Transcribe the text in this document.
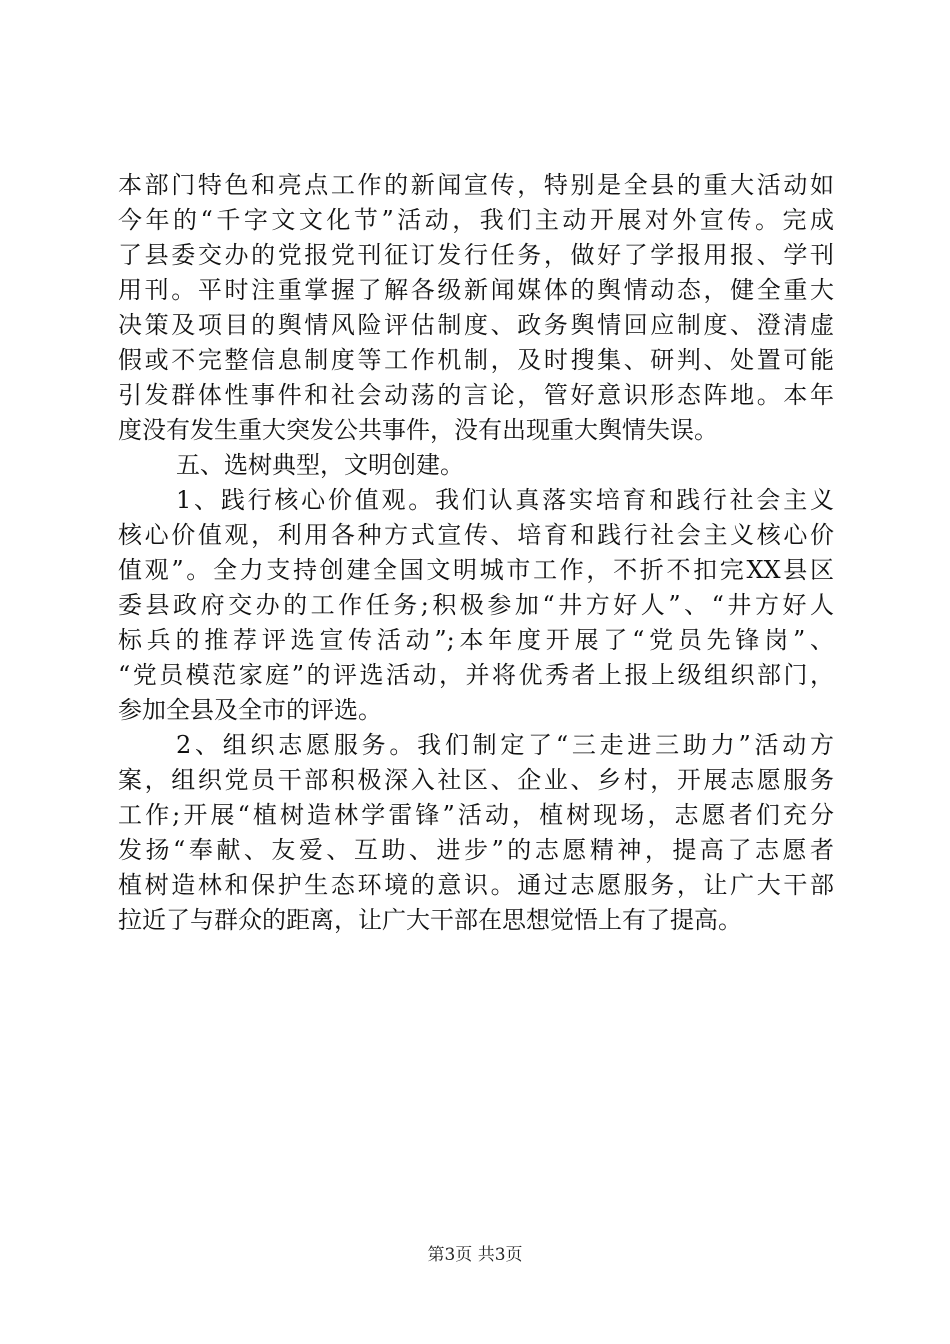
本部门特色和亮点工作的新闻宣传，特别是全县的重大活动如
今年的“千字文文化节”活动，我们主动开展对外宣传。完成
了县委交办的党报党刊征订发行任务，做好了学报用报、学刊
用刊。平时注重掌握了解各级新闻媒体的舆情动态，健全重大
决策及项目的舆情风险评估制度、政务舆情回应制度、澄清虚
假或不完整信息制度等工作机制，及时搜集、研判、处置可能
引发群体性事件和社会动荡的言论，管好意识形态阵地。本年
度没有发生重大突发公共事件，没有出现重大舆情失误。
五、选树典型，文明创建。
1、践行核心价值观。我们认真落实培育和践行社会主义
核心价值观，利用各种方式宣传、培育和践行社会主义核心价
值观”。全力支持创建全国文明城市工作，不折不扣完XX县区
委县政府交办的工作任务;积极参加“井方好人”、“井方好人
标兵的推荐评选宣传活动”;本年度开展了“党员先锋岗”、
“党员模范家庭”的评选活动，并将优秀者上报上级组织部门，
参加全县及全市的评选。
2、组织志愿服务。我们制定了“三走进三助力”活动方
案，组织党员干部积极深入社区、企业、乡村，开展志愿服务
工作;开展“植树造林学雷锋”活动，植树现场，志愿者们充分
发扬“奉献、友爱、互助、进步”的志愿精神，提高了志愿者
植树造林和保护生态环境的意识。通过志愿服务，让广大干部
拉近了与群众的距离，让广大干部在思想觉悟上有了提高。
第3页 共3页
